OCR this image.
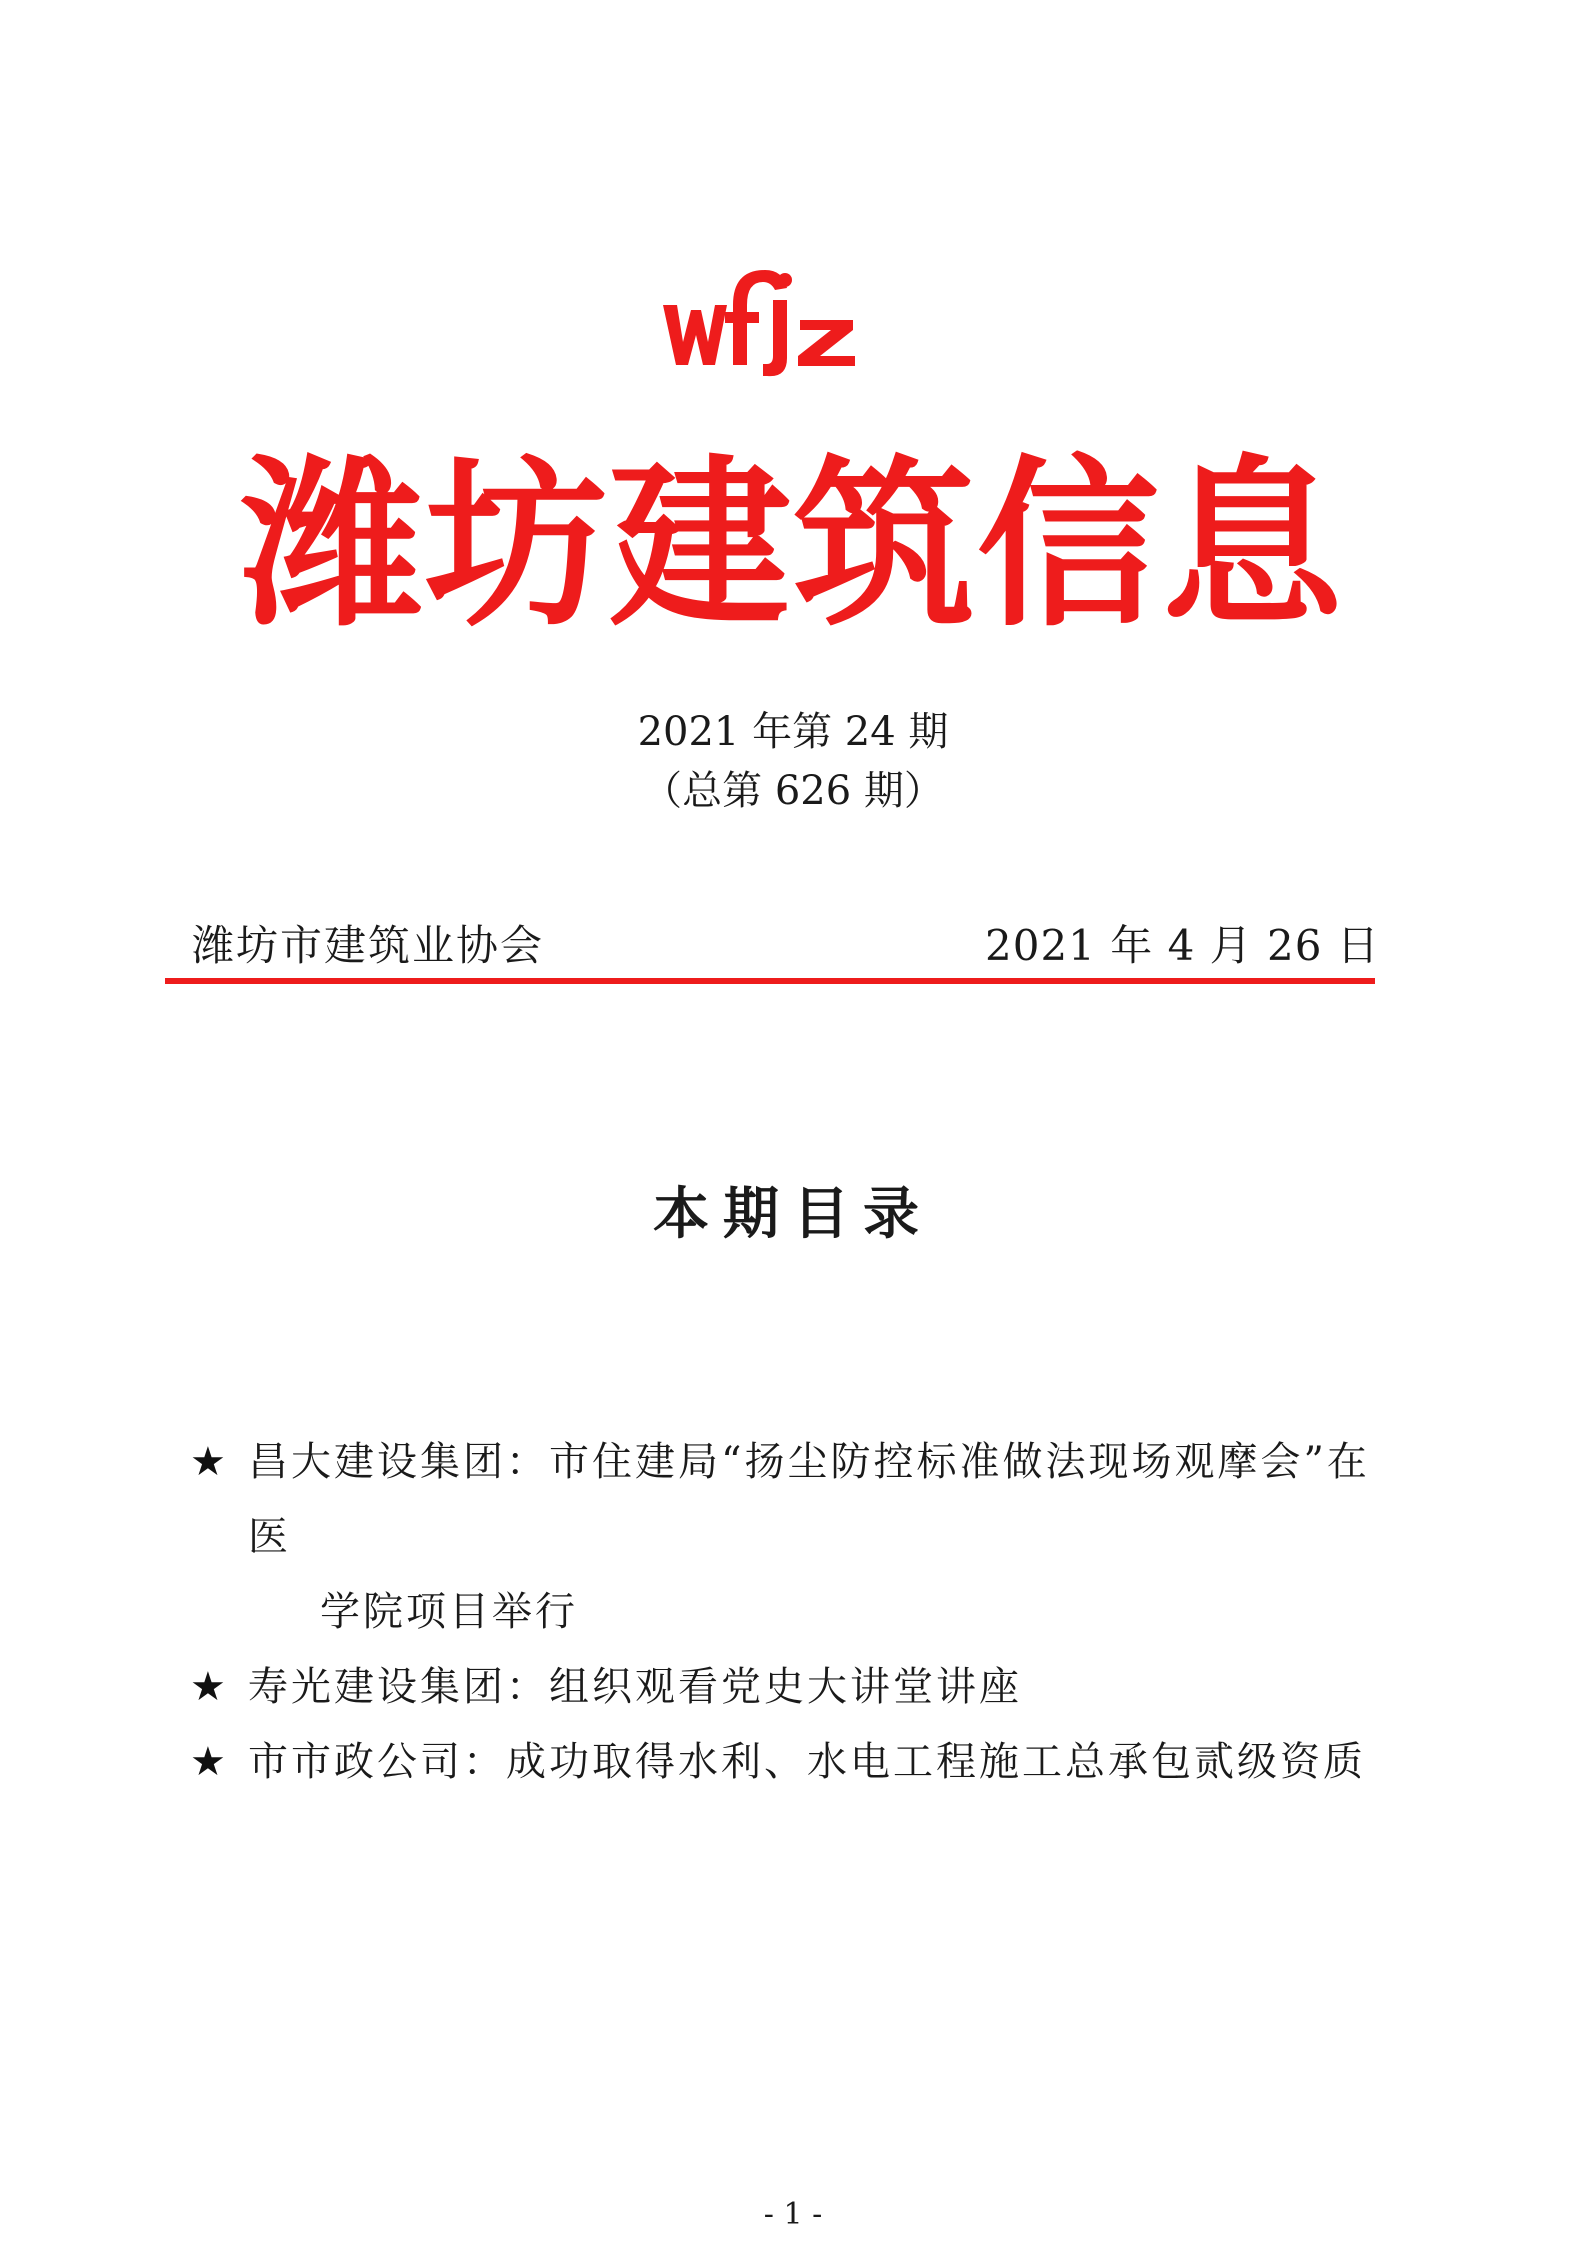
潍坊建筑信息
2021 年第 24 期
（总第 626 期）
潍坊市建筑业协会	2021 年 4 月 26 日
本期目录
★ 昌大建设集团：市住建局“扬尘防控标准做法现场观摩会”在医
学院项目举行
★ 寿光建设集团：组织观看党史大讲堂讲座
★ 市市政公司：成功取得水利、水电工程施工总承包贰级资质
- 1 -
